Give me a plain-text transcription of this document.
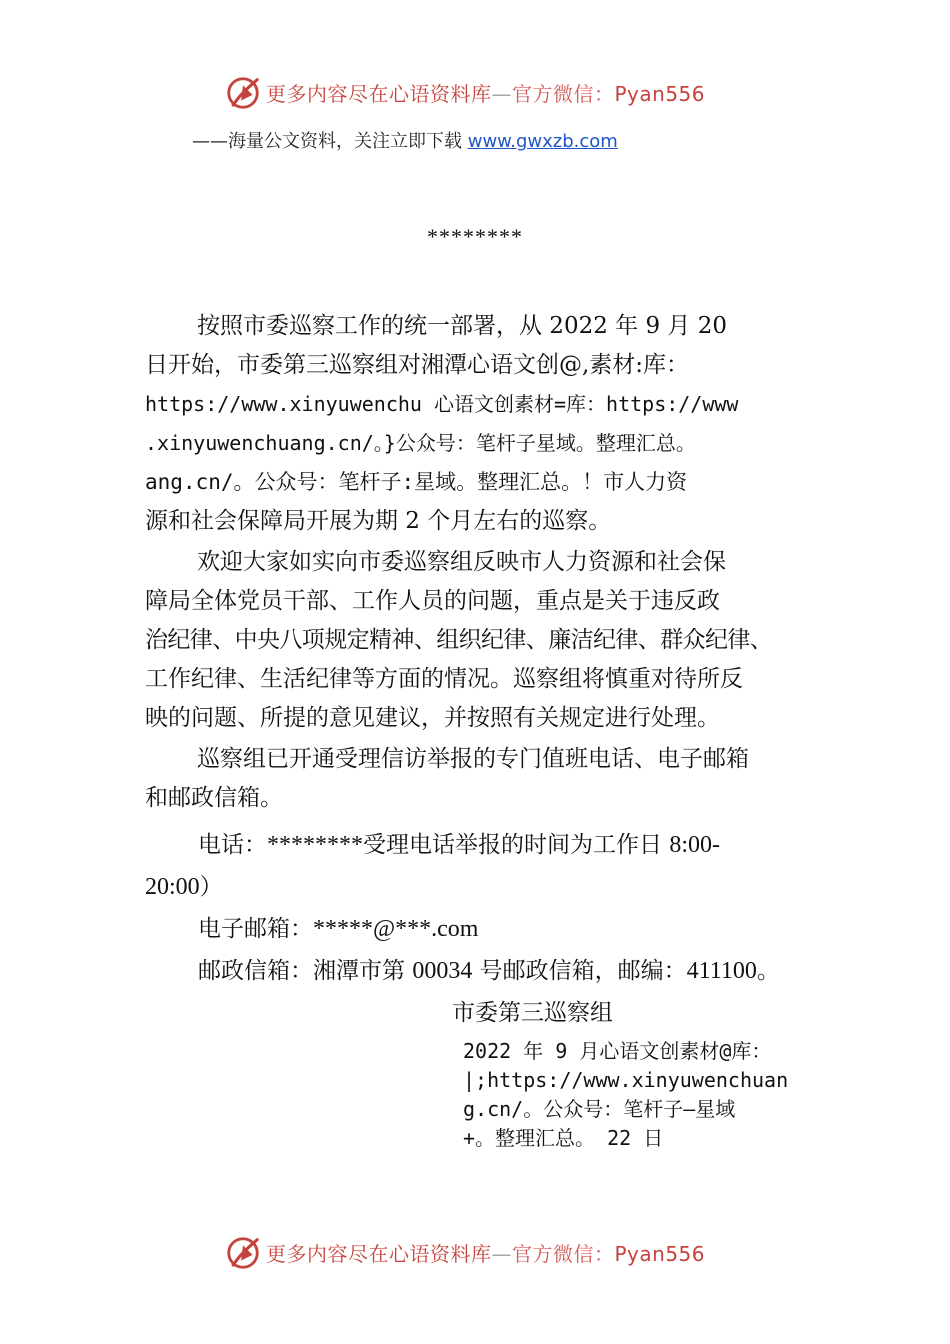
更多内容尽在心语资料库—官方微信：Pyan556
——海量公文资料，关注立即下载 www.gwxzb.com
********
按照市委巡察工作的统一部署，从 2022 年 9 月 20
日开始，市委第三巡察组对湘潭心语文创@,素材:库：
https://www.xinyuwenchu 心语文创素材=库：https://www
.xinyuwenchuang.cn/。}公众号：笔杆子星域。整理汇总。
ang.cn/。公众号：笔杆子:星域。整理汇总。！市人力资
源和社会保障局开展为期 2 个月左右的巡察。
欢迎大家如实向市委巡察组反映市人力资源和社会保
障局全体党员干部、工作人员的问题，重点是关于违反政
治纪律、中央八项规定精神、组织纪律、廉洁纪律、群众纪律、
工作纪律、生活纪律等方面的情况。巡察组将慎重对待所反
映的问题、所提的意见建议，并按照有关规定进行处理。
巡察组已开通受理信访举报的专门值班电话、电子邮箱
和邮政信箱。
电话：********受理电话举报的时间为工作日 8:00-
20:00）
电子邮箱：*****@***.com
邮政信箱：湘潭市第 00034 号邮政信箱，邮编：411100。
市委第三巡察组
2022 年 9 月心语文创素材@库：
|;https://www.xinyuwenchuan
g.cn/。公众号：笔杆子—星域
+。整理汇总。 22 日
更多内容尽在心语资料库—官方微信：Pyan556
